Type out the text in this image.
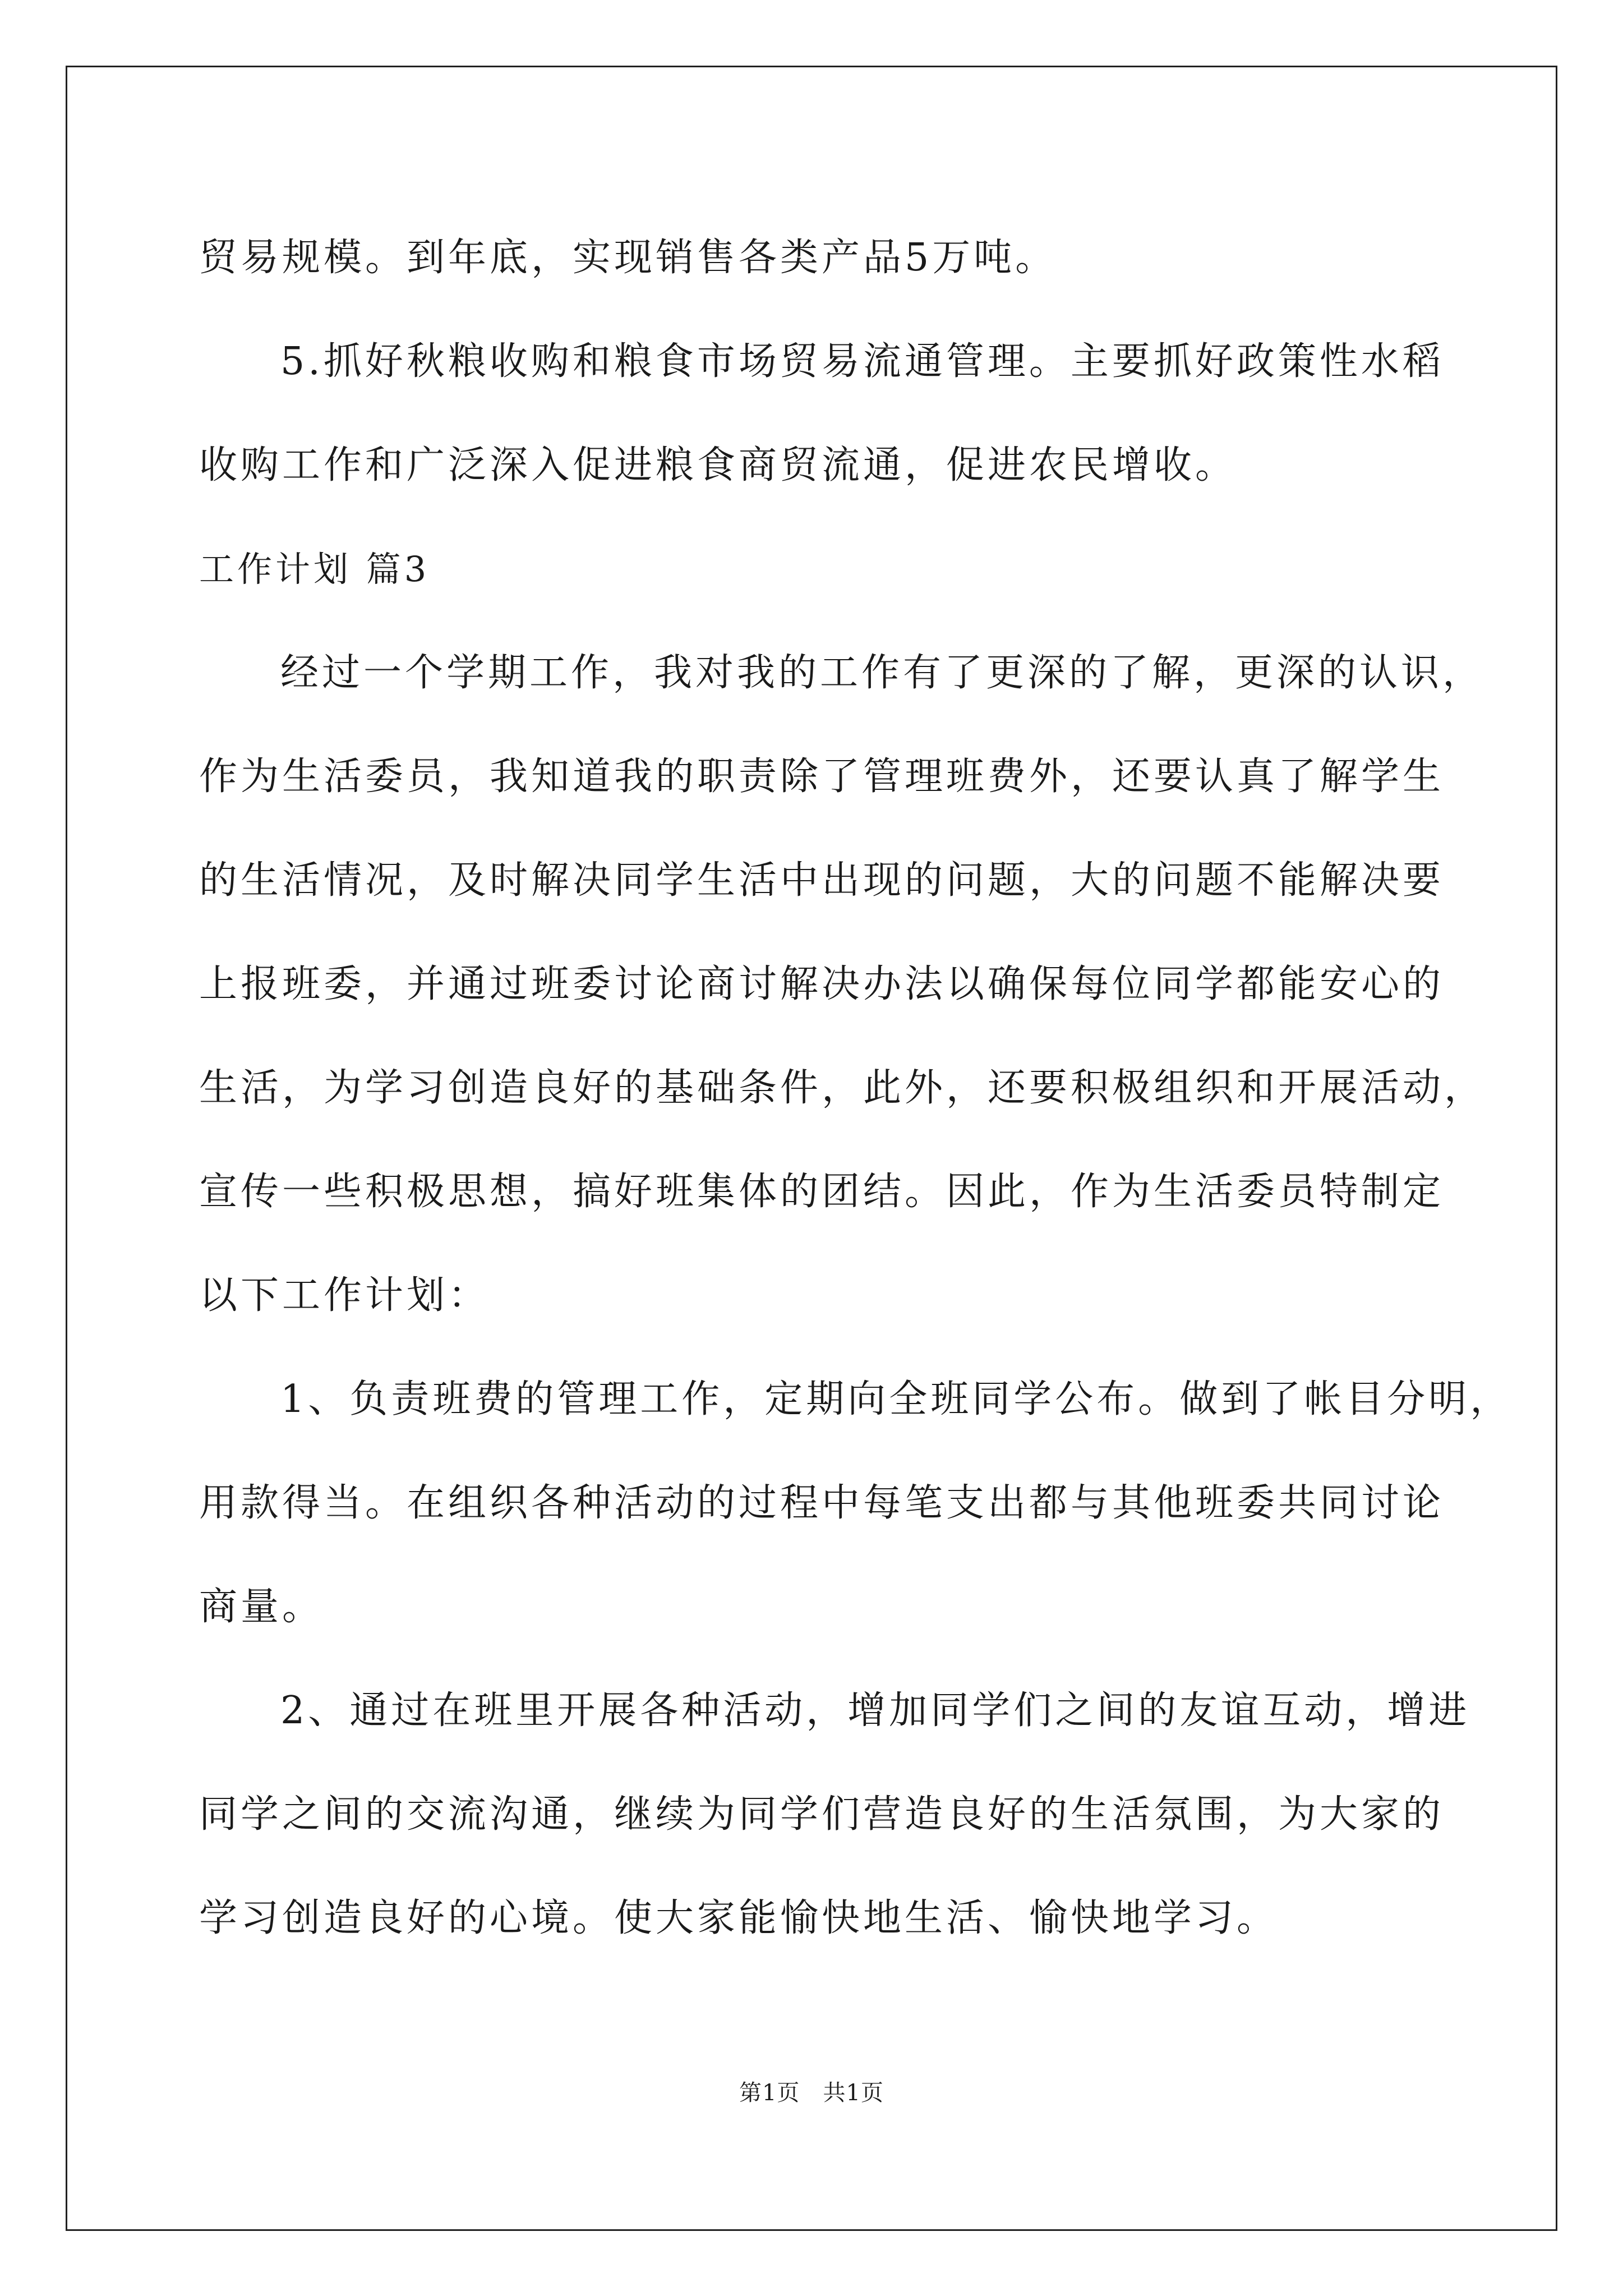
贸易规模。到年底，实现销售各类产品5万吨。

5.抓好秋粮收购和粮食市场贸易流通管理。主要抓好政策性水稻

收购工作和广泛深入促进粮食商贸流通，促进农民增收。

工作计划 篇3

经过一个学期工作，我对我的工作有了更深的了解，更深的认识，

作为生活委员，我知道我的职责除了管理班费外，还要认真了解学生

的生活情况，及时解决同学生活中出现的问题，大的问题不能解决要

上报班委，并通过班委讨论商讨解决办法以确保每位同学都能安心的

生活，为学习创造良好的基础条件，此外，还要积极组织和开展活动，

宣传一些积极思想，搞好班集体的团结。因此，作为生活委员特制定

以下工作计划：

1、负责班费的管理工作，定期向全班同学公布。做到了帐目分明，

用款得当。在组织各种活动的过程中每笔支出都与其他班委共同讨论

商量。

2、通过在班里开展各种活动，增加同学们之间的友谊互动，增进

同学之间的交流沟通，继续为同学们营造良好的生活氛围，为大家的

学习创造良好的心境。使大家能愉快地生活、愉快地学习。

第1页   共1页
